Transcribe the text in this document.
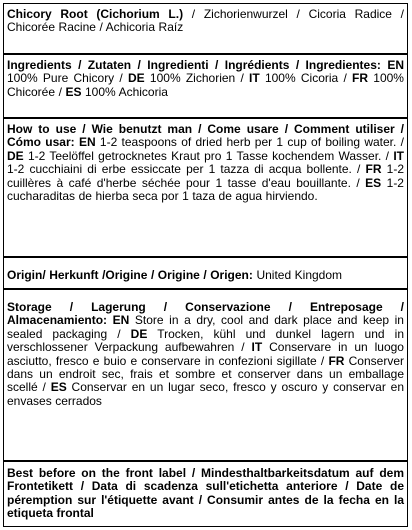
Chicory Root (Cichorium L.) / Zichorienwurzel / Cicoria Radice / Chicorée Racine / Achicoria Raíz

Ingredients / Zutaten / Ingredienti / Ingrédients / Ingredientes: EN 100% Pure Chicory / DE 100% Zichorien / IT 100% Cicoria / FR 100% Chicorée / ES 100% Achicoria

How to use / Wie benutzt man / Come usare / Comment utiliser / Cómo usar: EN 1-2 teaspoons of dried herb per 1 cup of boiling water. / DE 1-2 Teelöffel getrocknetes Kraut pro 1 Tasse kochendem Wasser. / IT 1-2 cucchiaini di erbe essiccate per 1 tazza di acqua bollente. / FR 1-2 cuillères à café d'herbe séchée pour 1 tasse d'eau bouillante. / ES 1-2 cucharaditas de hierba seca por 1 taza de agua hirviendo.

Origin/ Herkunft /Origine / Origine / Origen: United Kingdom

Storage / Lagerung / Conservazione / Entreposage / Almacenamiento: EN Store in a dry, cool and dark place and keep in sealed packaging / DE Trocken, kühl und dunkel lagern und in verschlossener Verpackung aufbewahren / IT Conservare in un luogo asciutto, fresco e buio e conservare in confezioni sigillate / FR Conserver dans un endroit sec, frais et sombre et conserver dans un emballage scellé / ES Conservar en un lugar seco, fresco y oscuro y conservar en envases cerrados

Best before on the front label / Mindesthaltbarkeitsdatum auf dem Frontetikett / Data di scadenza sull'etichetta anteriore / Date de péremption sur l'étiquette avant / Consumir antes de la fecha en la etiqueta frontal
